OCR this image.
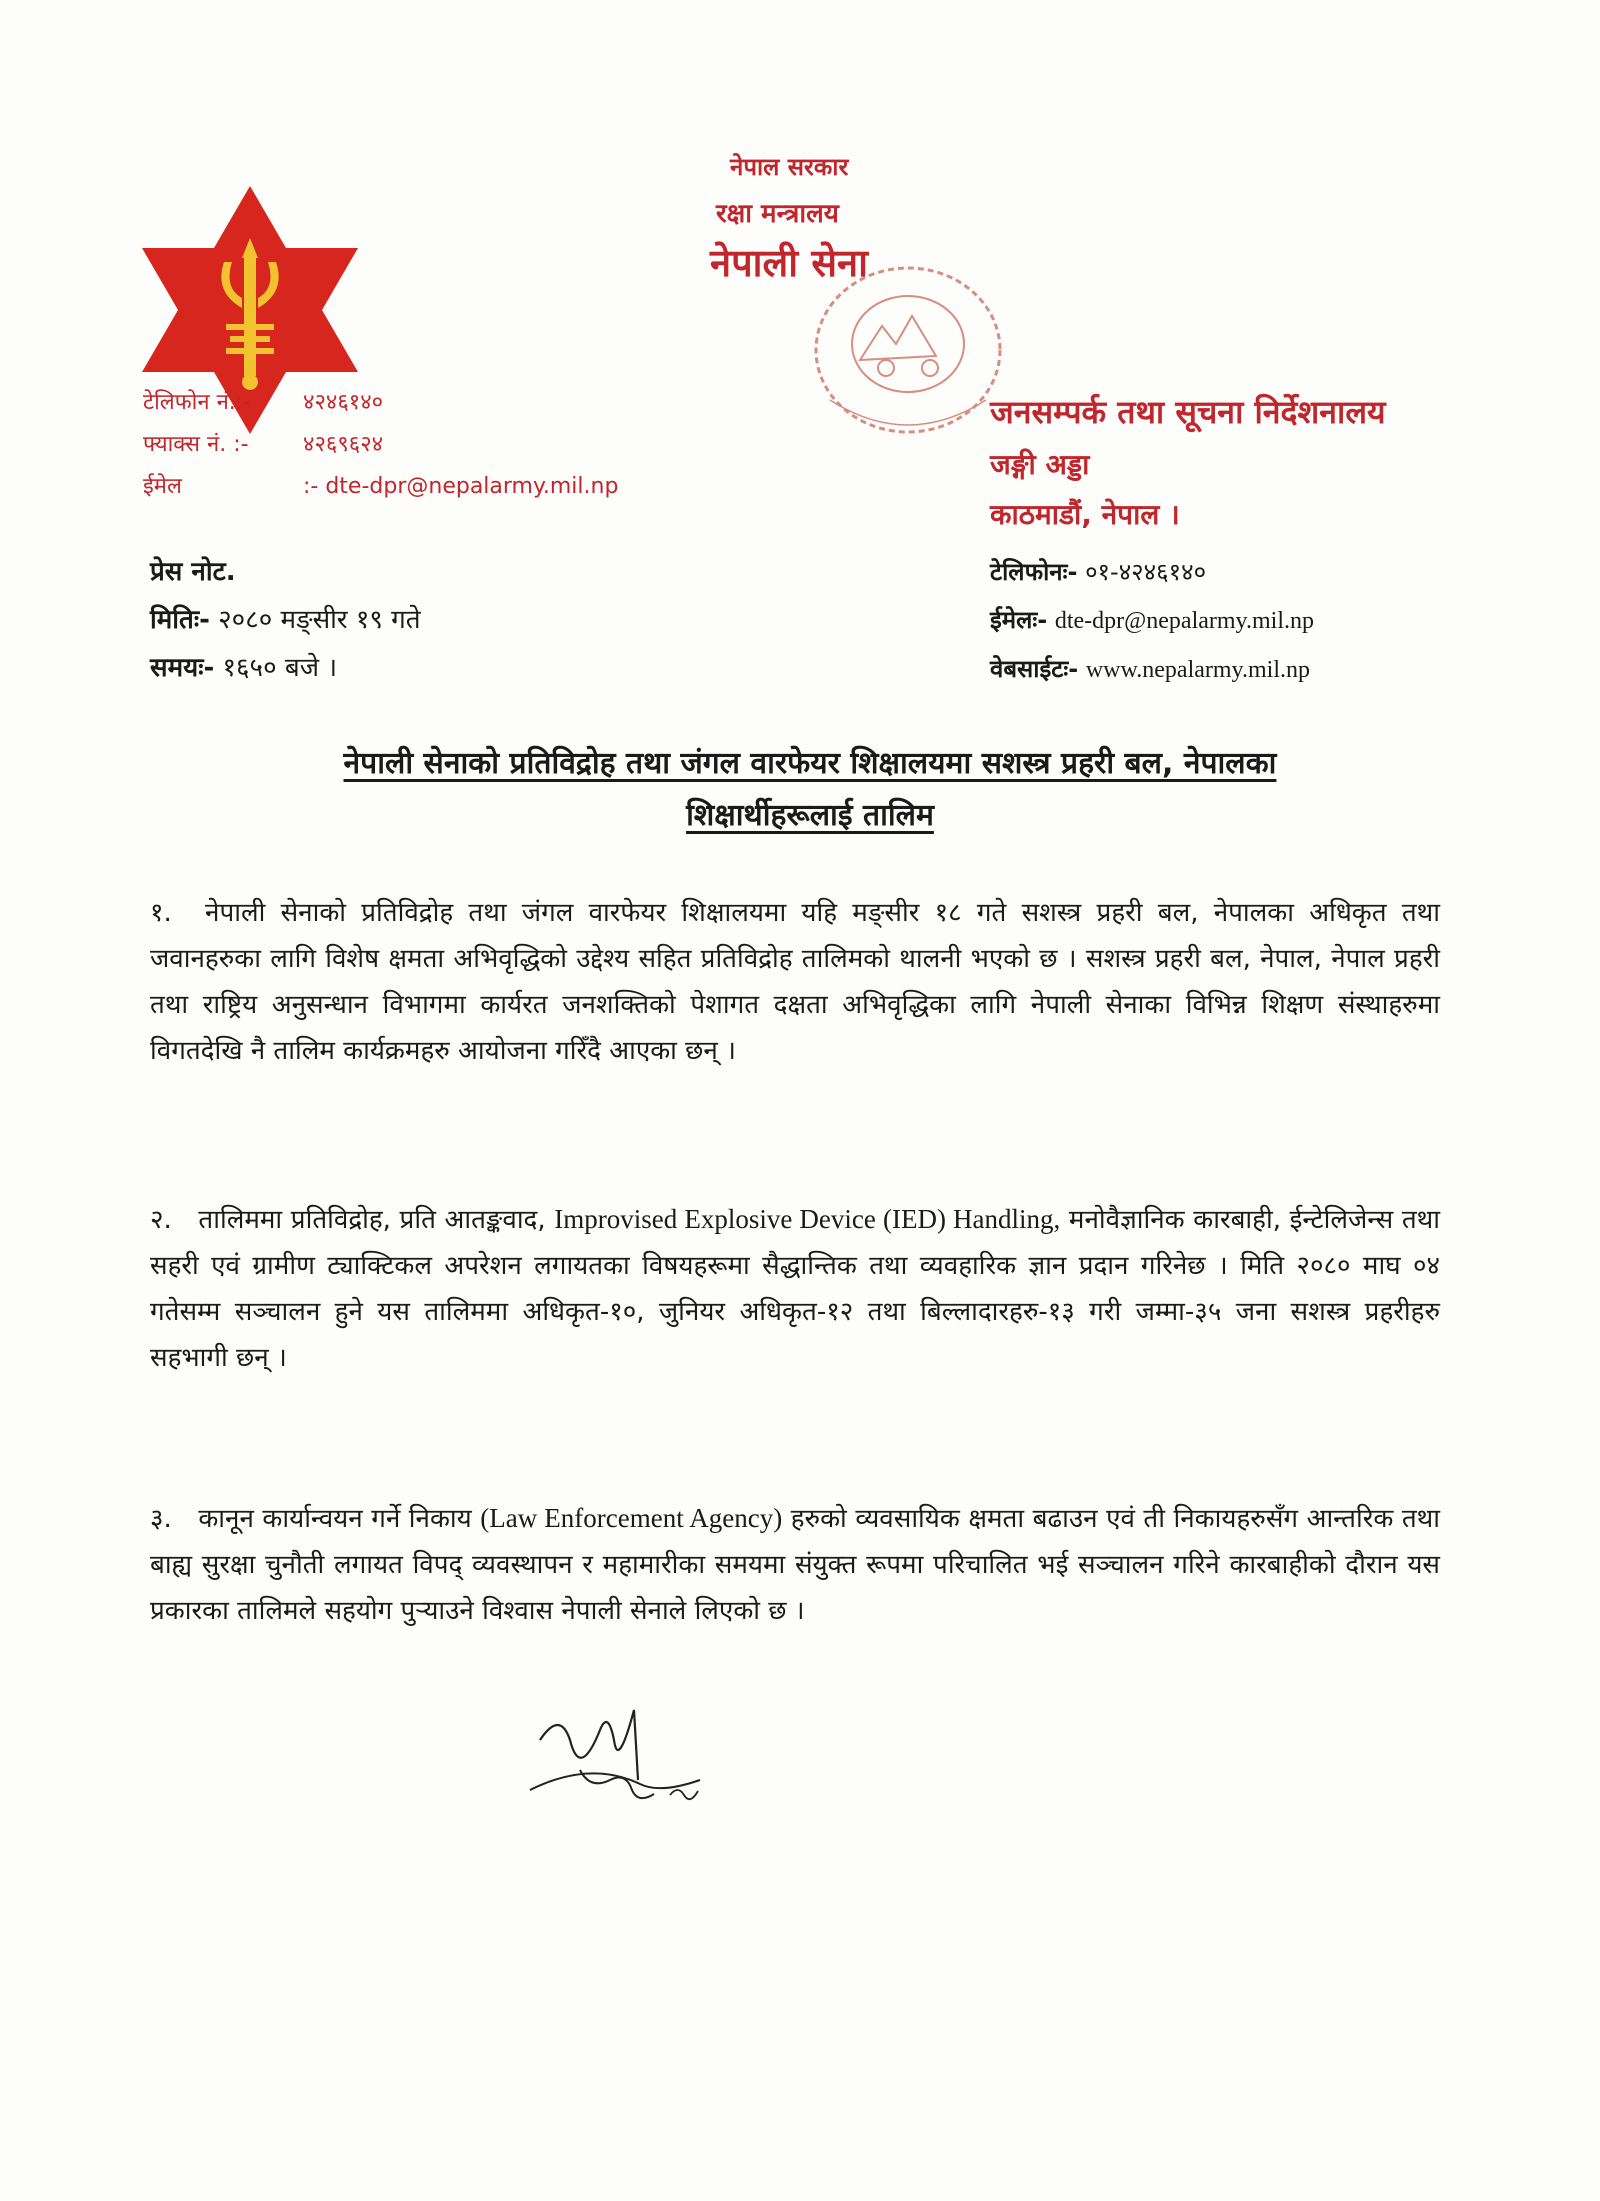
नेपाल सरकार
रक्षा मन्त्रालय
नेपाली सेना
टेलिफोन नं.:-	४२४६१४०
फ्याक्स नं. :-	४२६९६२४
ईमेल	:- dte-dpr@nepalarmy.mil.np
जनसम्पर्क तथा सूचना निर्देशनालय
जङ्गी अड्डा
काठमाडौं, नेपाल ।
टेलिफोनः- ०१-४२४६१४०
ईमेलः- dte-dpr@nepalarmy.mil.np
वेबसाईटः- www.nepalarmy.mil.np
प्रेस नोट.
मितिः- २०८० मङ्सीर १९ गते
समयः- १६५० बजे ।
नेपाली सेनाको प्रतिविद्रोह तथा जंगल वारफेयर शिक्षालयमा सशस्त्र प्रहरी बल, नेपालका
शिक्षार्थीहरूलाई तालिम
१. नेपाली सेनाको प्रतिविद्रोह तथा जंगल वारफेयर शिक्षालयमा यहि मङ्सीर १८ गते सशस्त्र प्रहरी बल, नेपालका अधिकृत तथा जवानहरुका लागि विशेष क्षमता अभिवृद्धिको उद्देश्य सहित प्रतिविद्रोह तालिमको थालनी भएको छ । सशस्त्र प्रहरी बल, नेपाल, नेपाल प्रहरी तथा राष्ट्रिय अनुसन्धान विभागमा कार्यरत जनशक्तिको पेशागत दक्षता अभिवृद्धिका लागि नेपाली सेनाका विभिन्न शिक्षण संस्थाहरुमा विगतदेखि नै तालिम कार्यक्रमहरु आयोजना गरिँदै आएका छन् ।
२. तालिममा प्रतिविद्रोह, प्रति आतङ्कवाद, Improvised Explosive Device (IED) Handling, मनोवैज्ञानिक कारबाही, ईन्टेलिजेन्स तथा सहरी एवं ग्रामीण ट्याक्टिकल अपरेशन लगायतका विषयहरूमा सैद्धान्तिक तथा व्यवहारिक ज्ञान प्रदान गरिनेछ । मिति २०८० माघ ०४ गतेसम्म सञ्चालन हुने यस तालिममा अधिकृत-१०, जुनियर अधिकृत-१२ तथा बिल्लादारहरु-१३ गरी जम्मा-३५ जना सशस्त्र प्रहरीहरु सहभागी छन् ।
३. कानून कार्यान्वयन गर्ने निकाय (Law Enforcement Agency) हरुको व्यवसायिक क्षमता बढाउन एवं ती निकायहरुसँग आन्तरिक तथा बाह्य सुरक्षा चुनौती लगायत विपद् व्यवस्थापन र महामारीका समयमा संयुक्त रूपमा परिचालित भई सञ्चालन गरिने कारबाहीको दौरान यस प्रकारका तालिमले सहयोग पुऱ्याउने विश्वास नेपाली सेनाले लिएको छ ।
